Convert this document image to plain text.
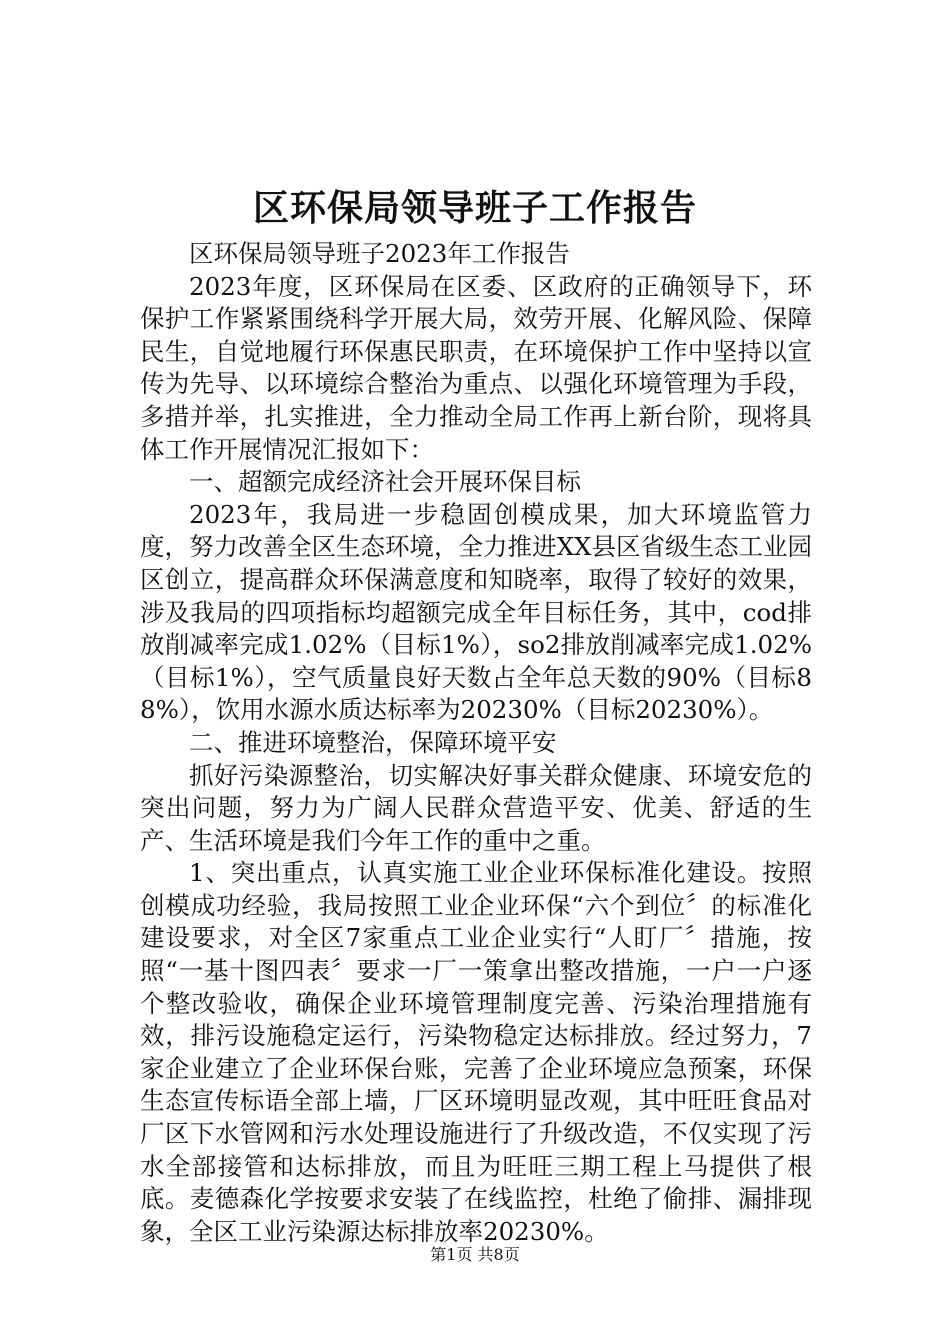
区环保局领导班子工作报告

区环保局领导班子2023年工作报告

2023年度，区环保局在区委、区政府的正确领导下，环保护工作紧紧围绕科学开展大局，效劳开展、化解风险、保障民生，自觉地履行环保惠民职责，在环境保护工作中坚持以宣传为先导、以环境综合整治为重点、以强化环境管理为手段，多措并举，扎实推进，全力推动全局工作再上新台阶，现将具体工作开展情况汇报如下：

一、超额完成经济社会开展环保目标

2023年，我局进一步稳固创模成果，加大环境监管力度，努力改善全区生态环境，全力推进XX县区省级生态工业园区创立，提高群众环保满意度和知晓率，取得了较好的效果，涉及我局的四项指标均超额完成全年目标任务，其中，cod排放削减率完成1.02%（目标1%），so2排放削减率完成1.02%（目标1%），空气质量良好天数占全年总天数的90%（目标88%），饮用水源水质达标率为20230%（目标20230%）。

二、推进环境整治，保障环境平安

抓好污染源整治，切实解决好事关群众健康、环境安危的突出问题，努力为广阔人民群众营造平安、优美、舒适的生产、生活环境是我们今年工作的重中之重。

1、突出重点，认真实施工业企业环保标准化建设。按照创模成功经验，我局按照工业企业环保“六个到位〞的标准化建设要求，对全区7家重点工业企业实行“人盯厂〞措施，按照“一基十图四表〞要求一厂一策拿出整改措施，一户一户逐个整改验收，确保企业环境管理制度完善、污染治理措施有效，排污设施稳定运行，污染物稳定达标排放。经过努力，7家企业建立了企业环保台账，完善了企业环境应急预案，环保生态宣传标语全部上墙，厂区环境明显改观，其中旺旺食品对厂区下水管网和污水处理设施进行了升级改造，不仅实现了污水全部接管和达标排放，而且为旺旺三期工程上马提供了根底。麦德森化学按要求安装了在线监控，杜绝了偷排、漏排现象，全区工业污染源达标排放率20230%。

第1页 共8页
